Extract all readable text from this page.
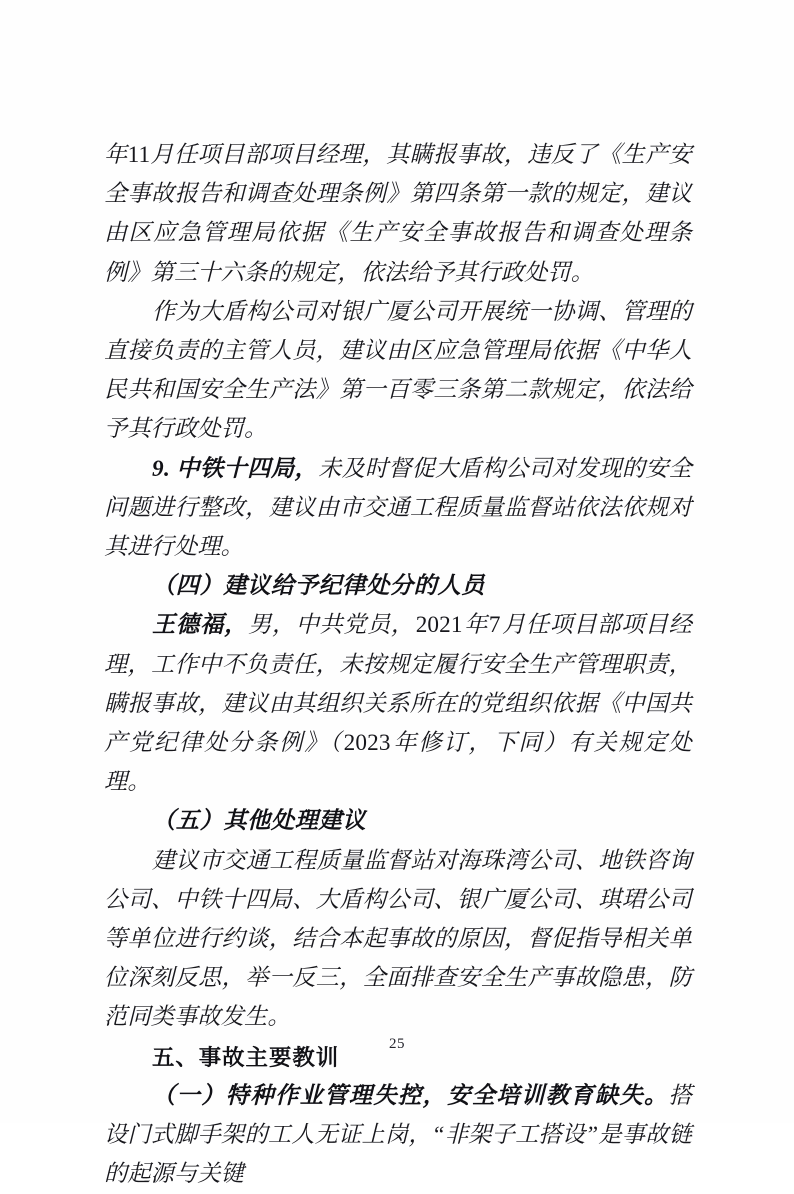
年11月任项目部项目经理，其瞒报事故，违反了《生产安全事故报告和调查处理条例》第四条第一款的规定，建议由区应急管理局依据《生产安全事故报告和调查处理条例》第三十六条的规定，依法给予其行政处罚。

作为大盾构公司对银广厦公司开展统一协调、管理的直接负责的主管人员，建议由区应急管理局依据《中华人民共和国安全生产法》第一百零三条第二款规定，依法给予其行政处罚。

9. 中铁十四局，未及时督促大盾构公司对发现的安全问题进行整改，建议由市交通工程质量监督站依法依规对其进行处理。

（四）建议给予纪律处分的人员

王德福，男，中共党员，2021年7月任项目部项目经理，工作中不负责任，未按规定履行安全生产管理职责，瞒报事故，建议由其组织关系所在的党组织依据《中国共产党纪律处分条例》（2023年修订，下同）有关规定处理。

（五）其他处理建议

建议市交通工程质量监督站对海珠湾公司、地铁咨询公司、中铁十四局、大盾构公司、银广厦公司、琪珺公司等单位进行约谈，结合本起事故的原因，督促指导相关单位深刻反思，举一反三，全面排查安全生产事故隐患，防范同类事故发生。

五、事故主要教训

（一）特种作业管理失控，安全培训教育缺失。搭设门式脚手架的工人无证上岗，“非架子工搭设”是事故链的起源与关键

25
